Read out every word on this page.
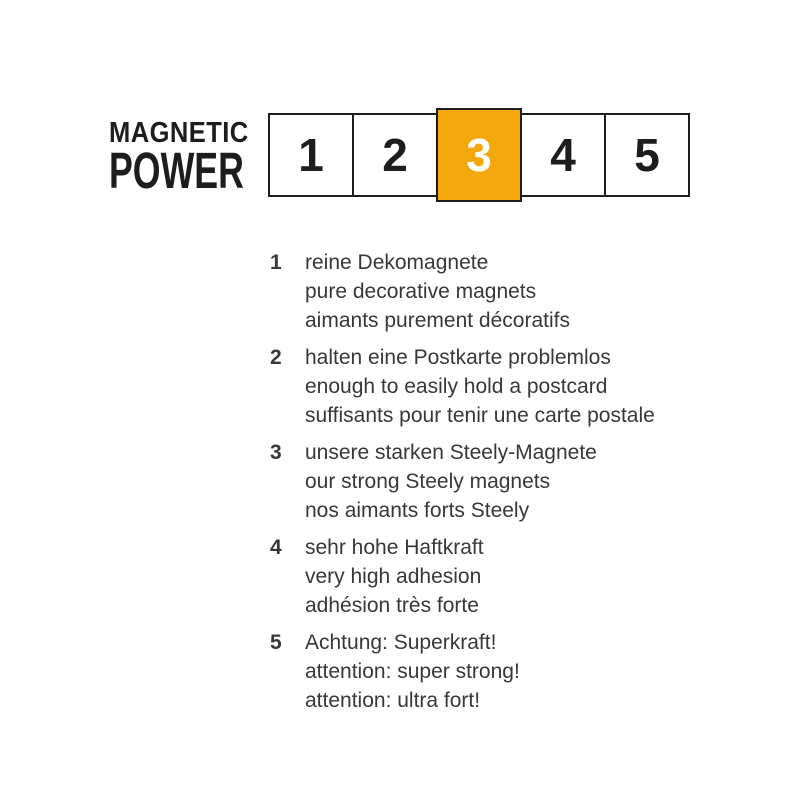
MAGNETIC
POWER	1	2	3	4	5
1	reine Dekomagnete
pure decorative magnets
aimants purement décoratifs
2	halten eine Postkarte problemlos
enough to easily hold a postcard
suffisants pour tenir une carte postale
3	unsere starken Steely-Magnete
our strong Steely magnets
nos aimants forts Steely
4	sehr hohe Haftkraft
very high adhesion
adhésion très forte
5	Achtung: Superkraft!
attention: super strong!
attention: ultra fort!
